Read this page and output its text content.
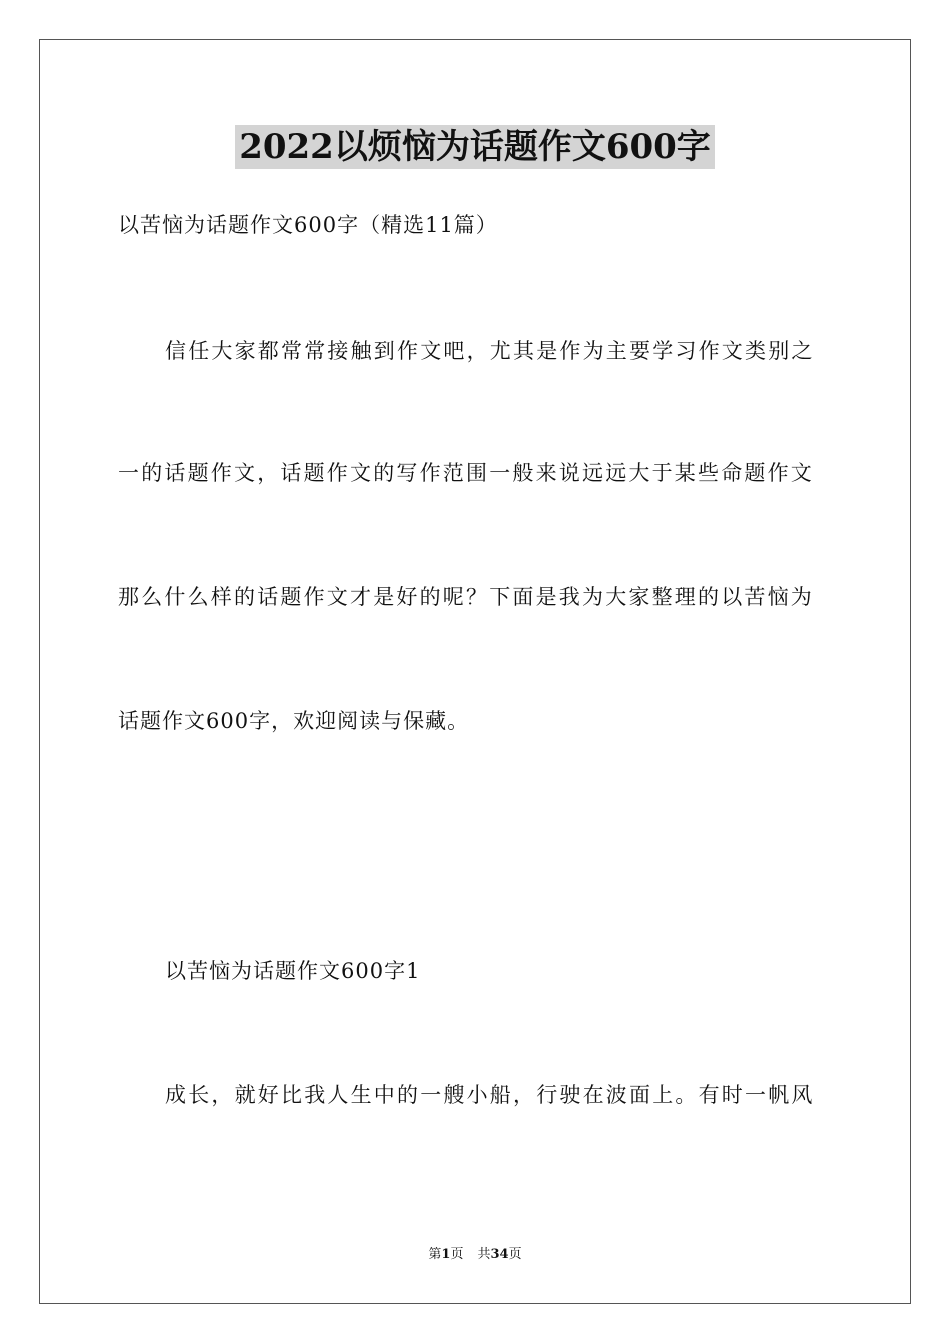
2022以烦恼为话题作文600字
以苦恼为话题作文600字（精选11篇）
信任大家都常常接触到作文吧，尤其是作为主要学习作文类别之
一的话题作文，话题作文的写作范围一般来说远远大于某些命题作文
那么什么样的话题作文才是好的呢？下面是我为大家整理的以苦恼为
话题作文600字，欢迎阅读与保藏。
以苦恼为话题作文600字1
成长，就好比我人生中的一艘小船，行驶在波面上。有时一帆风
第1页 共34页
